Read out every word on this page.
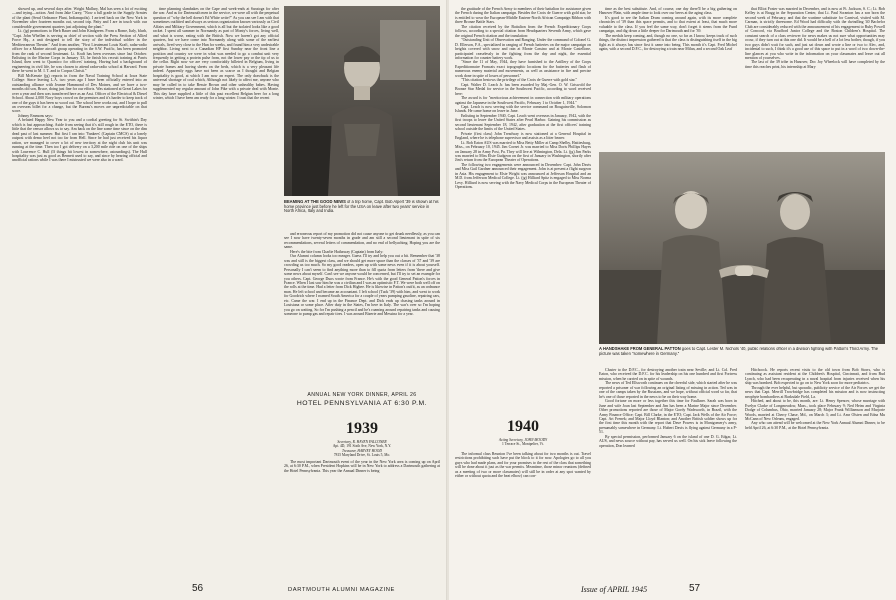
showed up, and several days after. Wright Mallary, Mal has seen a lot of exciting—and trying—action. And from Jake Carey, "Now a full grade in the Supply Armies of the plant (Seral Ordnance Plant, Indianapolis). I arrived back on the New York in November after fourteen months out, second trip. Patty and I are in touch with our considerable government quarters just adjoining the plant."

Lt. (jg) promotions to Herb Bauer and John Kindgreen. From a Rome, Italy, blurb, "Capt. John Whellen is serving as chief of section with the Press Section of Allied Force Hq., a unit designed to tell the story of the individual soldier in the Mediterranean Theater." And from another, "First Lieutenant Louis Kraft, radar-radio officer for a Marine aircraft group operating in the S.W. Pacific, has been promoted from the rank of second lieutenant. Lt. Kraft has been overseas since last October. Enlisting in the Marine Corps in January '43, he finish his recruit training at Parris Island, then went to Quantico for officers' training. Having had a background of engineering in civil life, he was chosen to attend radar-radio school at Harvard. From there he went to M. I. T. and to Corpus Christi."

Bill McKenzie (jg) reports in from the Naval Training School at Iowa State College: Since leaving L.A. two years ago I have been officially entered into an outstanding alliance with Jeanne Hammond of Des Moines, and we have a two-months old son, Bruce, doing just fine for our efforts. Was stationed at Great Lakes for over a year and then was transferred here as an Asst. Officer of the Electrical & Diesel School. About 2,000 Navy boys crowd on the premises and it's harder to keep track of one of the guys it has been so wood out. The school here works out, and I hope to pull an overseas billet for a change, but the Bureau's moves are unpredictable on that score.

Johnny Emmons says:

A belated Happy New Year to you and a cordial greeting for St. Swithin's Day which is fast approaching. Aside from seeing that it's still rough in the ETO, there is little that the censor allows us to say. Am back on the line some time since on the dim dead past of last summer. But first I ran into 'Yankees' (Captain CMCS) at a lonely outpost with demo heel not too far from Hell. Since he had just received his liquor ration, we managed to cover a lot of new territory at the night club his unit was running at the time. Then too I got delivery on a 3,200 mile ride on one of the ships with Lawrence C. Hull (If things hit lowest in somewhere, astoundings). The Hull hospitality was just as good as Bennett used to say, and since by hearing official and unofficial rations while I was there I mistrusted we were also in a ward.

time planning slambakes on the Cape and week-ends at Saratoga for after the war. And as for Dartmouth men in the service, we were all with the perpetual question of "why the hell doesn't Ed White write?" As you can see I am with that sometimes outfitted and always as serious organization known variously as Civil Affairs and Military Government, which is all but the isolated looks like a good racket. I spent all summer in Normandy as part of Monty's forces, living well, and what is worse, eating with the British. Now we haven't got any official quarters, but we have come into Normandy along with some of the earliest arrivals, lived very close to the Hun for weeks, and found him a very undesirable neighbor. Living next to a Canadian HP first Sunday near the front line a position and country we were in what was needed to go a combat unit very frequently in getting a protein pulse from, not the lower pay or the tip of us to the cellar. Right now we are very comfortably billeted in Belgium, living in private homes and having sheets on the beds, which is a very pleasant life indeed. Apparently eggs have not been as scarce as I thought and Belgian hospitality is good, at which I am now an expert. The only drawback is the universal shortage of coal which, Although not likely to affect me, anyone who may be called in to take Bessie Brown and other unhealthy babes. Having supplemented my regular amount of John Pike with a private deal with Monte. This day have supplied a little of this past excellent Belgian beer for a long winter, which I have been am ready for a long winter. I trust that the recent

BEAMING AT THE GOOD NEWS of a trip home, Capt. Bob Alpert '39 is shown at his home province just before he left for the USA on leave after two years' service in North Africa, Italy and India.

and erroneous report of my promotion did not cause anyone to get drunk needlessly, as you can see I now have twenty-seven months in grade and am still a second lieutenant in spite of six recommendations, several letters of commendation, and no end of bellyaching. Hoping you are the same.

Here's the bite from Charlie Hathaway (Captain) from Italy:

Our Alumni column looks too meager. Guess I'll try and help you out a bit. Remember that '38 was and still is the biggest class, and we should get more space than the classes of '37 and '39 are crowding us too much. So my good readers, open up with some news even if it is about yourself. Personally I can't seem to find anything more than to fill quota from letters from 'there and give some news about myself. Can't see we anyone would be concerned, but I'll try to set an example for you others. Capt. George Duos wrote from France. He's with the good General Patton's forces in France. When I last saw him he was a civilian and I was an optimistic F.T. We were both well off on the rolls at the time. Had a letter from Dick Higbee. He is likewise in Patton's outfit, as an ordnance man. He left school and became an accountant. I left school (Tuck '39) with him, and went to work for Goodrich where I roamed South America for a couple of years pumping gasoline, repairing cars, etc. Came the war. I end up in the Finance Dept. and Dick ends up chasing tanks around in Louisiana or some place. After duty in the States, I'm here in Italy. The war's over so I'm hoping you go on waiting. So for I'm pushing a pencil and he's roaming around repairing tanks and causing someone to pump gas and repair tires. I was around Bizerte and Messina for a year.

ANNUAL NEW YORK DINNER, APRIL 26
HOTEL PENNSYLVANIA AT 6:30 P.M.
1939
Secretary, R. HAVEN FALCONER
Apt. 4D, 191 Sixth Ave, New York, N.Y.
Treasurer, HARVEY HOOD
7815 Maryland Drive, St. Louis 5, Mo.

The most important Dartmouth event of the year in the New York area is coming up on April 26, at 6:30 P.M., when President Hopkins will be in New York to address a Dartmouth gathering at the Hotel Pennsylvania. This year the Annual Dinner is being

56	DARTMOUTH ALUMNI MAGAZINE

the gratitude of the French Army to members of their battalion for assistance given the French during the Italian campaign. Besides the Croix de Guerre with gold star, he is entitled to wear the European-Middle Eastern-North African Campaign Ribbon with three Bronze Battle Stars.

The citation received by the Battalion from the French Expeditionary Corps follows, according to a special citation from Headquarters Seventh Army, which gave the original French citation and the translation:

"Outstanding Unit of Observation and Ranging. Under the command of Colonel G. D. Ellerson, F.A., specialized in ranging of French batteries on the major campaign on heights covered with snow and rain at Monte Cassino and at Monte Castellone, participated ceaselessly in the fighting from the day and night, the essential information for counter battery work.

"Since the 11 of May, 1944, they have furnished to the Artillery of the Corps Expeditionnaire Francais exact topographic locations for the batteries and flash of numerous enemy material and movements, as well as assistance in fire and precise work done in spite of losses of personnel."

"This citation bestows the privilege of the Croix de Guerre with gold star."

Capt. Walter D. Leach Jr. has been awarded by Maj.-Gen. O. W. Griswold the Bronze Star Medal for service in the Southwest Pacific, according to word received here:

The award is for "meritorious achievement in connection with military operations against the Japanese in the Southwest Pacific, February 1 to October 1, 1944."

Capt. Leach is now serving with the service command on Bougainville, Solomon Islands. He came home on leave in June.

Enlisting in September 1940, Capt. Leach went overseas in January, 1942, with the first troops to leave the United States after Pearl Harbor. Gaining his commission as second lieutenant September 18, 1942, after graduation at the first officers' training school outside the limits of the United States.

Private (first class) John Treadway is now stationed at a General Hospital in England, where he is telephone supervisor and assists as a litter bearer.

Lt. Bob Eaton AUS was married to Miss Betty Miller at Camp Shelby, Hattiesburg, Miss., on February 10, 1945. Jim Cornet Jr. was married to Miss Doris Phillips Hayes on January 28 in Army Post, Pa. They will live at Wilmington, Dela. Lt. (jg) Jim Parks was married to Miss Elsie Gudgeon on the first of January in Washington, shortly after Jim's return from the European Theater of Operations.

The following two engagements were announced in December: Capt. John Davis and Miss Gail Gardner announced their engagement. John is at present a flight surgeon in Asia. His engagement to Elsie Wright was announced at Jefferson Hospital and an M.D. from Jefferson Medical College. Lt. (jg) Hilliard Spitz is engaged to Miss Norma Levy. Hilliard is now serving with the Navy Medical Corps in the European Theater of Operations.

time as the best substitute. And, of course, one day there'll be a big gathering on Hanover Plain, with ample time to look over our beers at the aging class.

It's good to see the Italian Drum coming around again, with its more complete chronicles of '39 than this space permits, and to that extent at least, that much more valuable to the class. If you feel the same way, don't forget it stems from the Fund campaign, and dig down a little deeper for Dartmouth and for '39.

The medals keep coming, and, though no one, so far as I know, keeps track of such things, the distinct impression gathered is that the class is distinguishing itself in the big fight as it always has since first it came into being. This month it's Capt. Fred Michel again, with a second D.F.C., for destroying a train near Milan, and a second Oak Leaf

that Elliot Foster was married in December, and is now at Ft. Jackson, S. C.; Lt. Bob Kelley is at Bragg in the Separation Center, that Lt. Paul Scranton has a son born the second week of February, and that the wartime substitute for Carnival, visited with M. Carman, is strictly threesome. Ed Wood had difficulty with the dwindling '40 Bachelor Club are considerably reduced with the announcement of his engagement to Ruby Powell of Concord, via Bradford Junior College and the Boston Children's Hospital. The constant search of a class reviewer for news makes us not sure what opportunities may occur, if they turn out at this one did. It would be a hell of a lot less bother, though, if you two guys didn't wait for such, and just sat down and wrote a line or two to Alec, and, incidental to such, I think it's a good use of this space to put in a word of two down-the-line glances at you who write in the information on your classmates and leave out all mention of yourselves.

The last of the 39 tribe in Hanover, Doc Joy Wheelock will have completed by the time this reaches print, his internship at Mary

A HANDSHAKE FROM GENERAL PATTON goes to Capt. Lester M. Nichols '40, public relations officer in a division fighting with Patton's Third Army. The picture was taken "somewhere in Germany."

Cluster to the D.F.C., for destroying another train near Seville; and Lt. Col. Fred Eaton, who received the D.F.C. for his leadership on his one hundred and first Fortress mission, when he carried on in spite of wounds.

The news of Ted Ellsworth continues on the cheerful side, which started after he was reported a prisoner of war following an original listing of missing in action. Ted was in one of the camps taken by the Russians, and we hope, without official word so far, that he's one of those reported in the news to be on their way home.

Good fortune on more or less together this time for Faulkner. Sarah was born in June and wife Joan last September and Jim has been a Marine Major since December. Other promotions reported are those of Major Gordy Wadsworth, in Brazil, with the Army Finance Office; Capt. Bill Clarke, in the ETO; Capt. Jack Wells of the Air Force; Capt. Art Frenek; and Major Lloyd Blanton; and Another British soldier shows up for the first time this month with the report that Dave Powers is in Montgomery's army, presumably somewhere in Germany. Lt. Hubert Davis is flying against Germany in a P-51.

By special permission, performed January 6 on the island of one D. G. Edgar, Lt. AUS, and news source without pay, has served us well. On his sick leave following the operation, Don learned

Hitchcock. He reports recent visits to the old town from Bob Storrs, who is continuing as assistant resident at the Children's Hospital, Cincinnati, and from Bud Lynch, who had been recuperating in a naval hospital from injuries received when his ship was bombed. Bob expected to go on to New York soon for more pediatrics.

Through the ever helpful, but sporadic, publicity service of the Air Forces we get the news that Capt. Merrill Trowbridge has completed his mission and is now instructing neophyte bombardiers at Barksdale Field, La.

Hitched, and about to be, this month, are: Lt. Henry Spencer, whose marriage with Evelyn Clarke of Longmeadow, Mass., took place February 9; Ned Heim and Virginia Dodge of Columbus, Ohio, married January 28; Major Frank Williamson and Marjorie Woods, married at Cherry Chase, Md., on March 3; and Lt. Amr Olsten and Edna Mu McCann of New Orleans, engaged.

Any who can attend will be welcomed at the New York Annual Alumni Dinner, to be held April 26, at 6:30 P.M., at the Hotel Pennsylvania.

1940
Acting Secretary, JOHN MOODY
1 Terrace St., Montpelier, Vt.

The informal class Reunion I've been talking about for two months is out. Travel restrictions prohibiting such have put the block to it for now. Apologies go to all you guys who had made plans, and for your promises to the rest of the class that something will be done about it just as the war permits. Meantime, those minor reunions (defined as a meeting of two or more classmates) will still be in order at any spot wanted by either or without quota and the beat elbow) can con-

Issue of APRIL 1945	57
